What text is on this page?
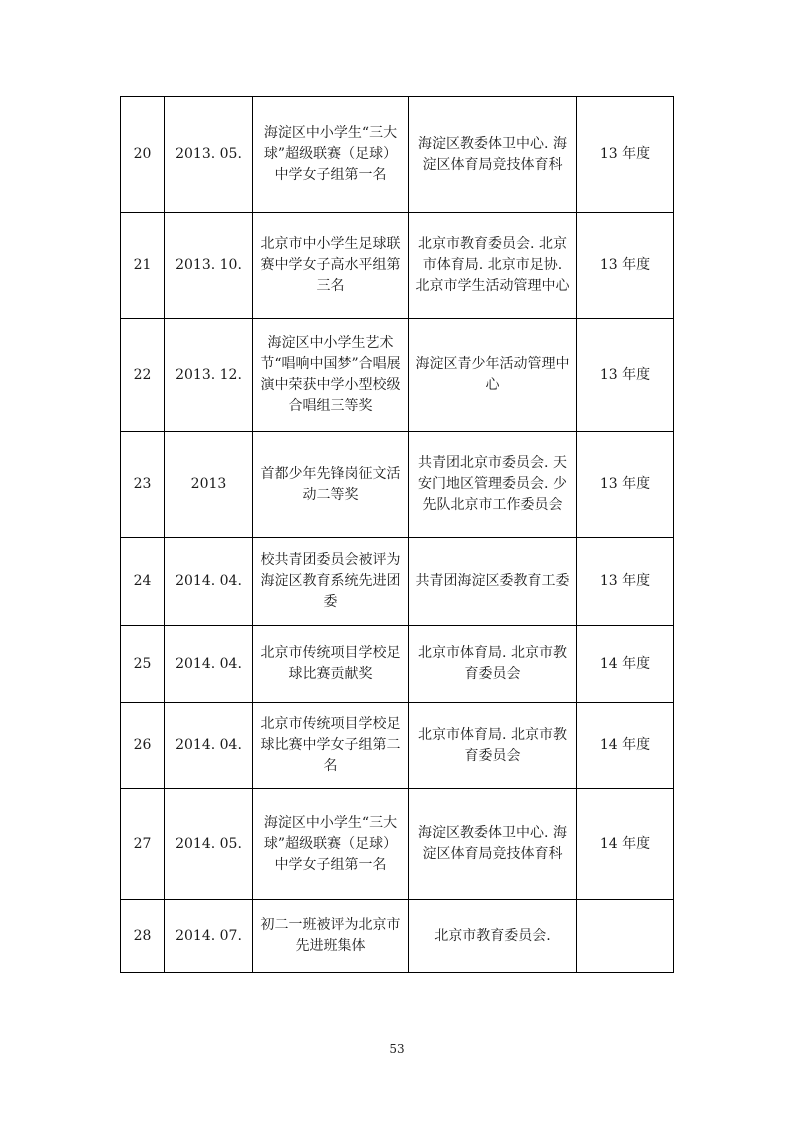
20	2013. 05.	海淀区中小学生“三大球”超级联赛（足球）中学女子组第一名	海淀区教委体卫中心. 海淀区体育局竞技体育科	13 年度
21	2013. 10.	北京市中小学生足球联赛中学女子高水平组第三名	北京市教育委员会. 北京市体育局. 北京市足协. 北京市学生活动管理中心	13 年度
22	2013. 12.	海淀区中小学生艺术节“唱响中国梦”合唱展演中荣获中学小型校级合唱组三等奖	海淀区青少年活动管理中心	13 年度
23	2013	首都少年先锋岗征文活动二等奖	共青团北京市委员会. 天安门地区管理委员会. 少先队北京市工作委员会	13 年度
24	2014. 04.	校共青团委员会被评为海淀区教育系统先进团委	共青团海淀区委教育工委	13 年度
25	2014. 04.	北京市传统项目学校足球比赛贡献奖	北京市体育局. 北京市教育委员会	14 年度
26	2014. 04.	北京市传统项目学校足球比赛中学女子组第二名	北京市体育局. 北京市教育委员会	14 年度
27	2014. 05.	海淀区中小学生“三大球”超级联赛（足球）中学女子组第一名	海淀区教委体卫中心. 海淀区体育局竞技体育科	14 年度
28	2014. 07.	初二一班被评为北京市先进班集体	北京市教育委员会.	
53
